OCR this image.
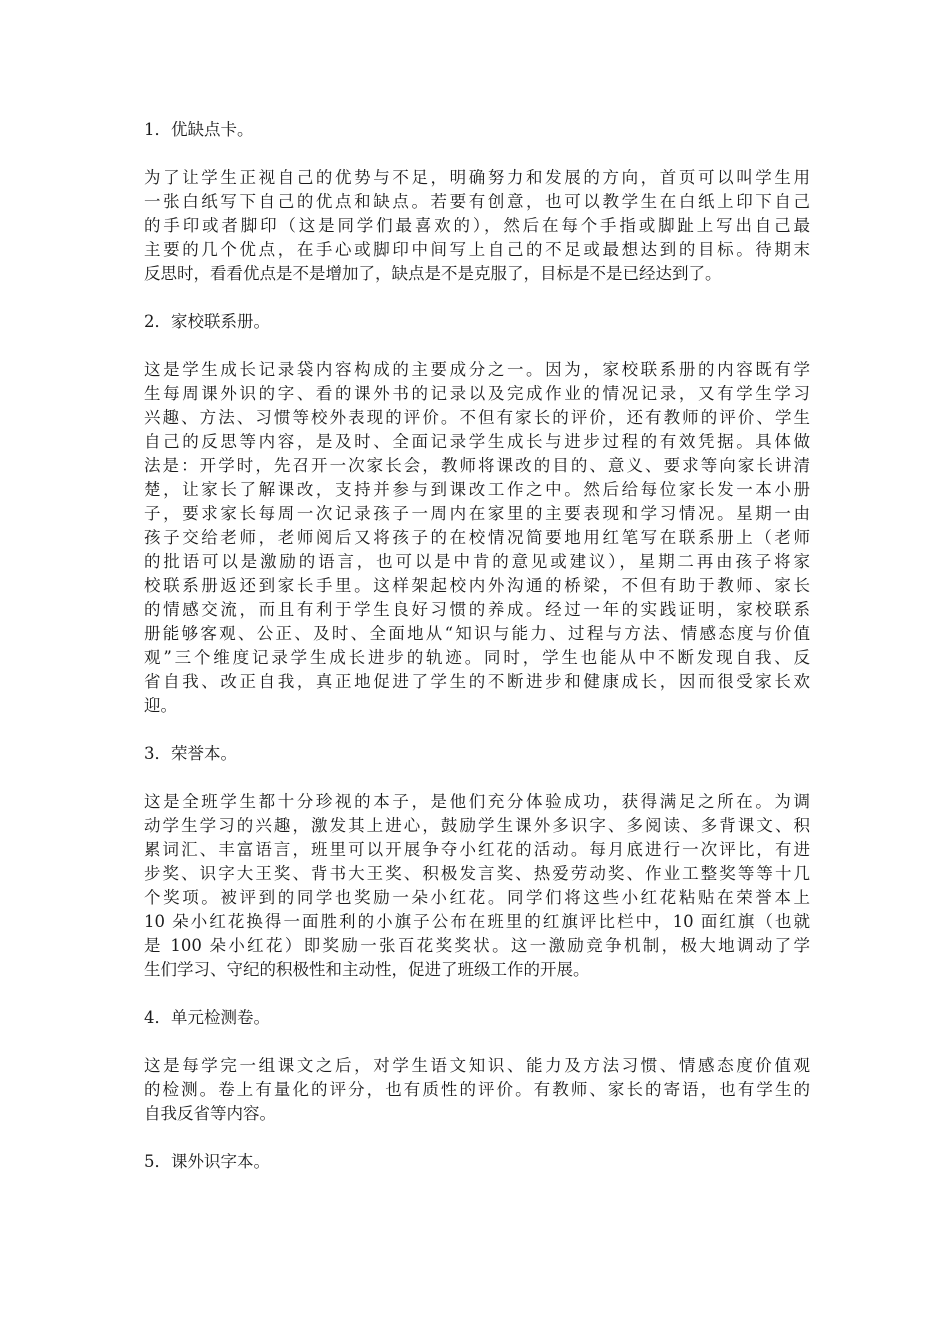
1．优缺点卡。
为了让学生正视自己的优势与不足，明确努力和发展的方向，首页可以叫学生用
一张白纸写下自己的优点和缺点。若要有创意，也可以教学生在白纸上印下自己
的手印或者脚印（这是同学们最喜欢的），然后在每个手指或脚趾上写出自己最
主要的几个优点，在手心或脚印中间写上自己的不足或最想达到的目标。待期末
反思时，看看优点是不是增加了，缺点是不是克服了，目标是不是已经达到了。
2．家校联系册。
这是学生成长记录袋内容构成的主要成分之一。因为，家校联系册的内容既有学
生每周课外识的字、看的课外书的记录以及完成作业的情况记录，又有学生学习
兴趣、方法、习惯等校外表现的评价。不但有家长的评价，还有教师的评价、学生
自己的反思等内容，是及时、全面记录学生成长与进步过程的有效凭据。具体做
法是：开学时，先召开一次家长会，教师将课改的目的、意义、要求等向家长讲清
楚，让家长了解课改，支持并参与到课改工作之中。然后给每位家长发一本小册
子，要求家长每周一次记录孩子一周内在家里的主要表现和学习情况。星期一由
孩子交给老师，老师阅后又将孩子的在校情况简要地用红笔写在联系册上（老师
的批语可以是激励的语言，也可以是中肯的意见或建议），星期二再由孩子将家
校联系册返还到家长手里。这样架起校内外沟通的桥梁，不但有助于教师、家长
的情感交流，而且有利于学生良好习惯的养成。经过一年的实践证明，家校联系
册能够客观、公正、及时、全面地从“知识与能力、过程与方法、情感态度与价值
观”三个维度记录学生成长进步的轨迹。同时，学生也能从中不断发现自我、反
省自我、改正自我，真正地促进了学生的不断进步和健康成长，因而很受家长欢
迎。
3．荣誉本。
这是全班学生都十分珍视的本子，是他们充分体验成功，获得满足之所在。为调
动学生学习的兴趣，激发其上进心，鼓励学生课外多识字、多阅读、多背课文、积
累词汇、丰富语言，班里可以开展争夺小红花的活动。每月底进行一次评比，有进
步奖、识字大王奖、背书大王奖、积极发言奖、热爱劳动奖、作业工整奖等等十几
个奖项。被评到的同学也奖励一朵小红花。同学们将这些小红花粘贴在荣誉本上
10 朵小红花换得一面胜利的小旗子公布在班里的红旗评比栏中，10 面红旗（也就
是 100 朵小红花）即奖励一张百花奖奖状。这一激励竞争机制，极大地调动了学
生们学习、守纪的积极性和主动性，促进了班级工作的开展。
4．单元检测卷。
这是每学完一组课文之后，对学生语文知识、能力及方法习惯、情感态度价值观
的检测。卷上有量化的评分，也有质性的评价。有教师、家长的寄语，也有学生的
自我反省等内容。
5．课外识字本。
